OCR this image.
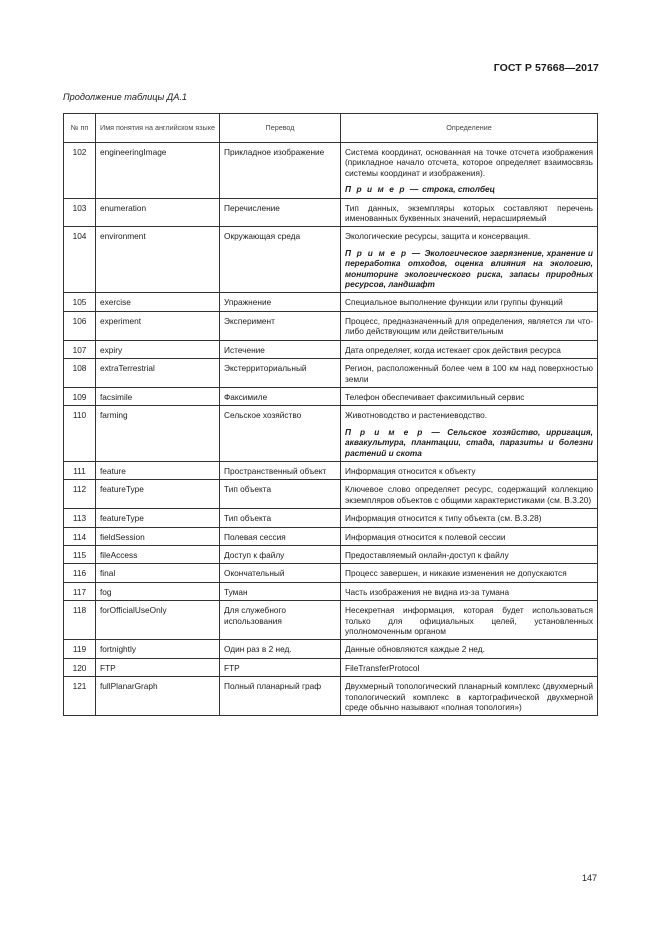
ГОСТ Р 57668—2017
Продолжение таблицы ДА.1
№ пп	Имя понятия на английском языке	Перевод	Определение
102	engineeringImage	Прикладное изображение	Система координат, основанная на точке отсчета изображения (прикладное начало отсчета, которое определяет взаимосвязь системы координат и изображения).
П р и м е р — строка, столбец

103	enumeration	Перечисление	Тип данных, экземпляры которых составляют перечень именованных буквенных значений, нерасширяемый

104	environment	Окружающая среда	Экологические ресурсы, защита и консервация.
П р и м е р — Экологическое загрязнение, хранение и переработка отходов, оценка влияния на экологию, мониторинг экологического риска, запасы природных ресурсов, ландшафт

105	exercise	Упражнение	Специальное выполнение функции или группы функций

106	experiment	Эксперимент	Процесс, предназначенный для определения, является ли что-либо действующим или действительным

107	expiry	Истечение	Дата определяет, когда истекает срок действия ресурса

108	extraTerrestrial	Экстерриториальный	Регион, расположенный более чем в 100 км над поверхностью земли

109	facsimile	Факсимиле	Телефон обеспечивает факсимильный сервис

110	farming	Сельское хозяйство	Животноводство и растениеводство.
П р и м е р — Сельское хозяйство, ирригация, аквакультура, плантации, стада, паразиты и болезни растений и скота

111	feature	Пространственный объект	Информация относится к объекту

112	featureType	Тип объекта	Ключевое слово определяет ресурс, содержащий коллекцию экземпляров объектов с общими характеристиками (см. В.3.20)

113	featureType	Тип объекта	Информация относится к типу объекта (см. В.3.28)

114	fieldSession	Полевая сессия	Информация относится к полевой сессии

115	fileAccess	Доступ к файлу	Предоставляемый онлайн-доступ к файлу

116	final	Окончательный	Процесс завершен, и никакие изменения не допускаются

117	fog	Туман	Часть изображения не видна из-за тумана

118	forOfficialUseOnly	Для служебного использования	Несекретная информация, которая будет использоваться только для официальных целей, установленных уполномоченным органом

119	fortnightly	Один раз в 2 нед.	Данные обновляются каждые 2 нед.

120	FTP	FTP	FileTransferProtocol

121	fullPlanarGraph	Полный планарный граф	Двухмерный топологический планарный комплекс (двухмерный топологический комплекс в картографической двухмерной среде обычно называют «полная топология»)
147
